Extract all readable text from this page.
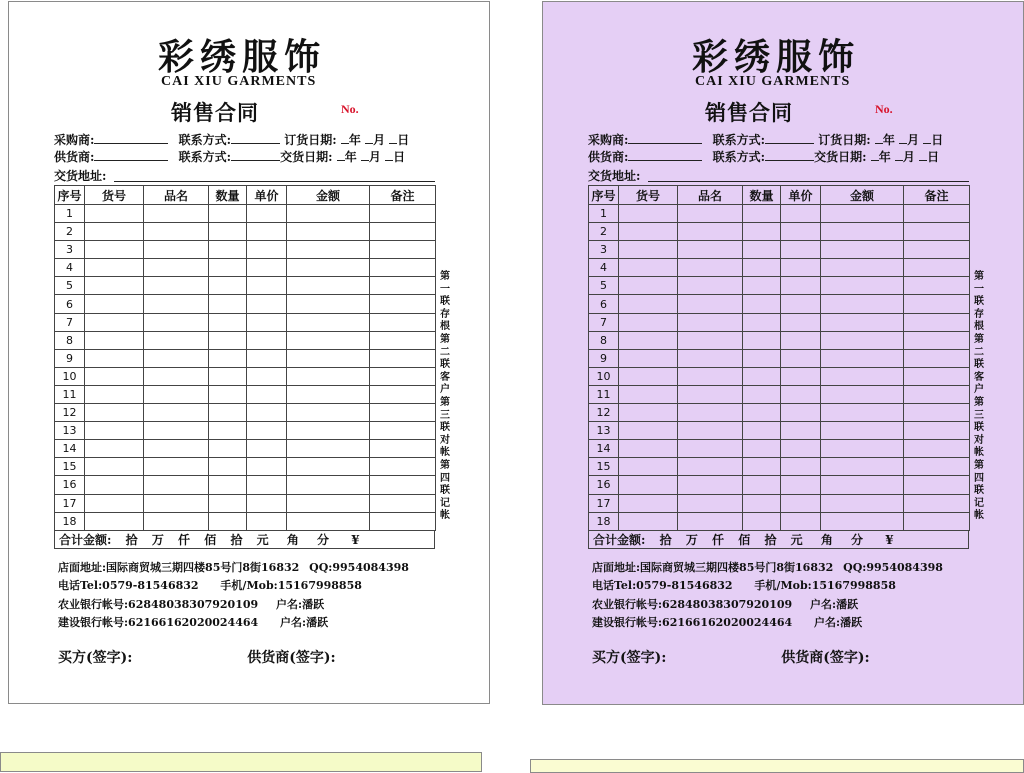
彩绣服饰
CAI XIU GARMENTS
销售合同	No.
采购商:	联系方式:	订货日期: 年 月 日
供货商:	联系方式:	交货日期: 年 月 日
交货地址:
序号	货号	品名	数量	单价	金额	备注
1						
2						
3						
4						
5						
6						
7						
8						
9						
10						
11						
12						
13						
14						
15						
16						
17						
18						
合计金额: 拾 万 仟 佰 拾 元 角 分 ¥
第一联存根 第二联客户 第三联对帐 第四联记帐
店面地址:国际商贸城三期四楼85号门8街16832 QQ:9954084398
电话Tel:0579-81546832 手机/Mob:15167998858
农业银行帐号:62848038307920109 户名:潘跃
建设银行帐号:62166162020024464 户名:潘跃
买方(签字):	供货商(签字):
彩绣服饰
CAI XIU GARMENTS
销售合同	No.
采购商:	联系方式:	订货日期: 年 月 日
供货商:	联系方式:	交货日期: 年 月 日
交货地址:
序号	货号	品名	数量	单价	金额	备注
1						
2						
3						
4						
5						
6						
7						
8						
9						
10						
11						
12						
13						
14						
15						
16						
17						
18						
合计金额: 拾 万 仟 佰 拾 元 角 分 ¥
第一联存根 第二联客户 第三联对帐 第四联记帐
店面地址:国际商贸城三期四楼85号门8街16832 QQ:9954084398
电话Tel:0579-81546832 手机/Mob:15167998858
农业银行帐号:62848038307920109 户名:潘跃
建设银行帐号:62166162020024464 户名:潘跃
买方(签字):	供货商(签字):
